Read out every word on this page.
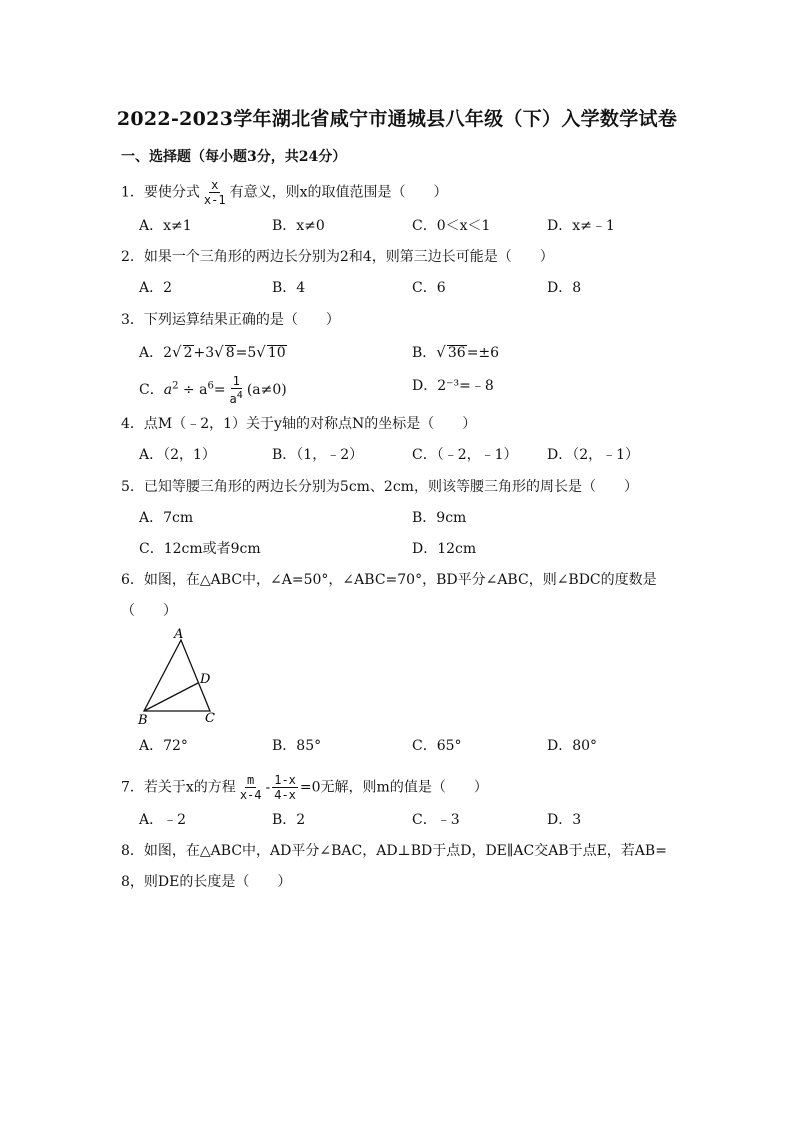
2022-2023学年湖北省咸宁市通城县八年级（下）入学数学试卷
一、选择题（每小题3分，共24分）
1．要使分式 $\frac{x}{x-1}$ 有意义，则x的取值范围是（　　）
A．x≠1	B．x≠0	C．0＜x＜1	D．x≠﹣1
2．如果一个三角形的两边长分别为2和4，则第三边长可能是（　　）
A．2	B．4	C．6	D．8
3．下列运算结果正确的是（　　）
A．2√ 2+3√ 8=5√ 10	B．√ 36=±6
C．$a^2 \div a^6= \frac{1}{a^4} (a\ne 0)$	D．2⁻³=﹣8
4．点M（﹣2，1）关于y轴的对称点N的坐标是（　　）
A．（2，1）	B．（1，﹣2）	C．（﹣2，﹣1） D．（2，﹣1）
5．已知等腰三角形的两边长分别为5cm、2cm，则该等腰三角形的周长是（　　）
A．7cm	B．9cm
C．12cm或者9cm	D．12cm
6．如图，在△ABC中，∠A=50°，∠ABC=70°，BD平分∠ABC，则∠BDC的度数是
（　　）
A
D
B	C
A．72°	B．85°	C．65°	D．80°
7．若关于x的方程 $\frac{m}{x-4} - \frac{1-x}{4-x} =0$无解，则m的值是（　　）
A．﹣2	B．2	C．﹣3	D．3
8．如图，在△ABC中，AD平分∠BAC，AD⊥BD于点D，DE∥AC交AB于点E，若AB=
8，则DE的长度是（　　）
